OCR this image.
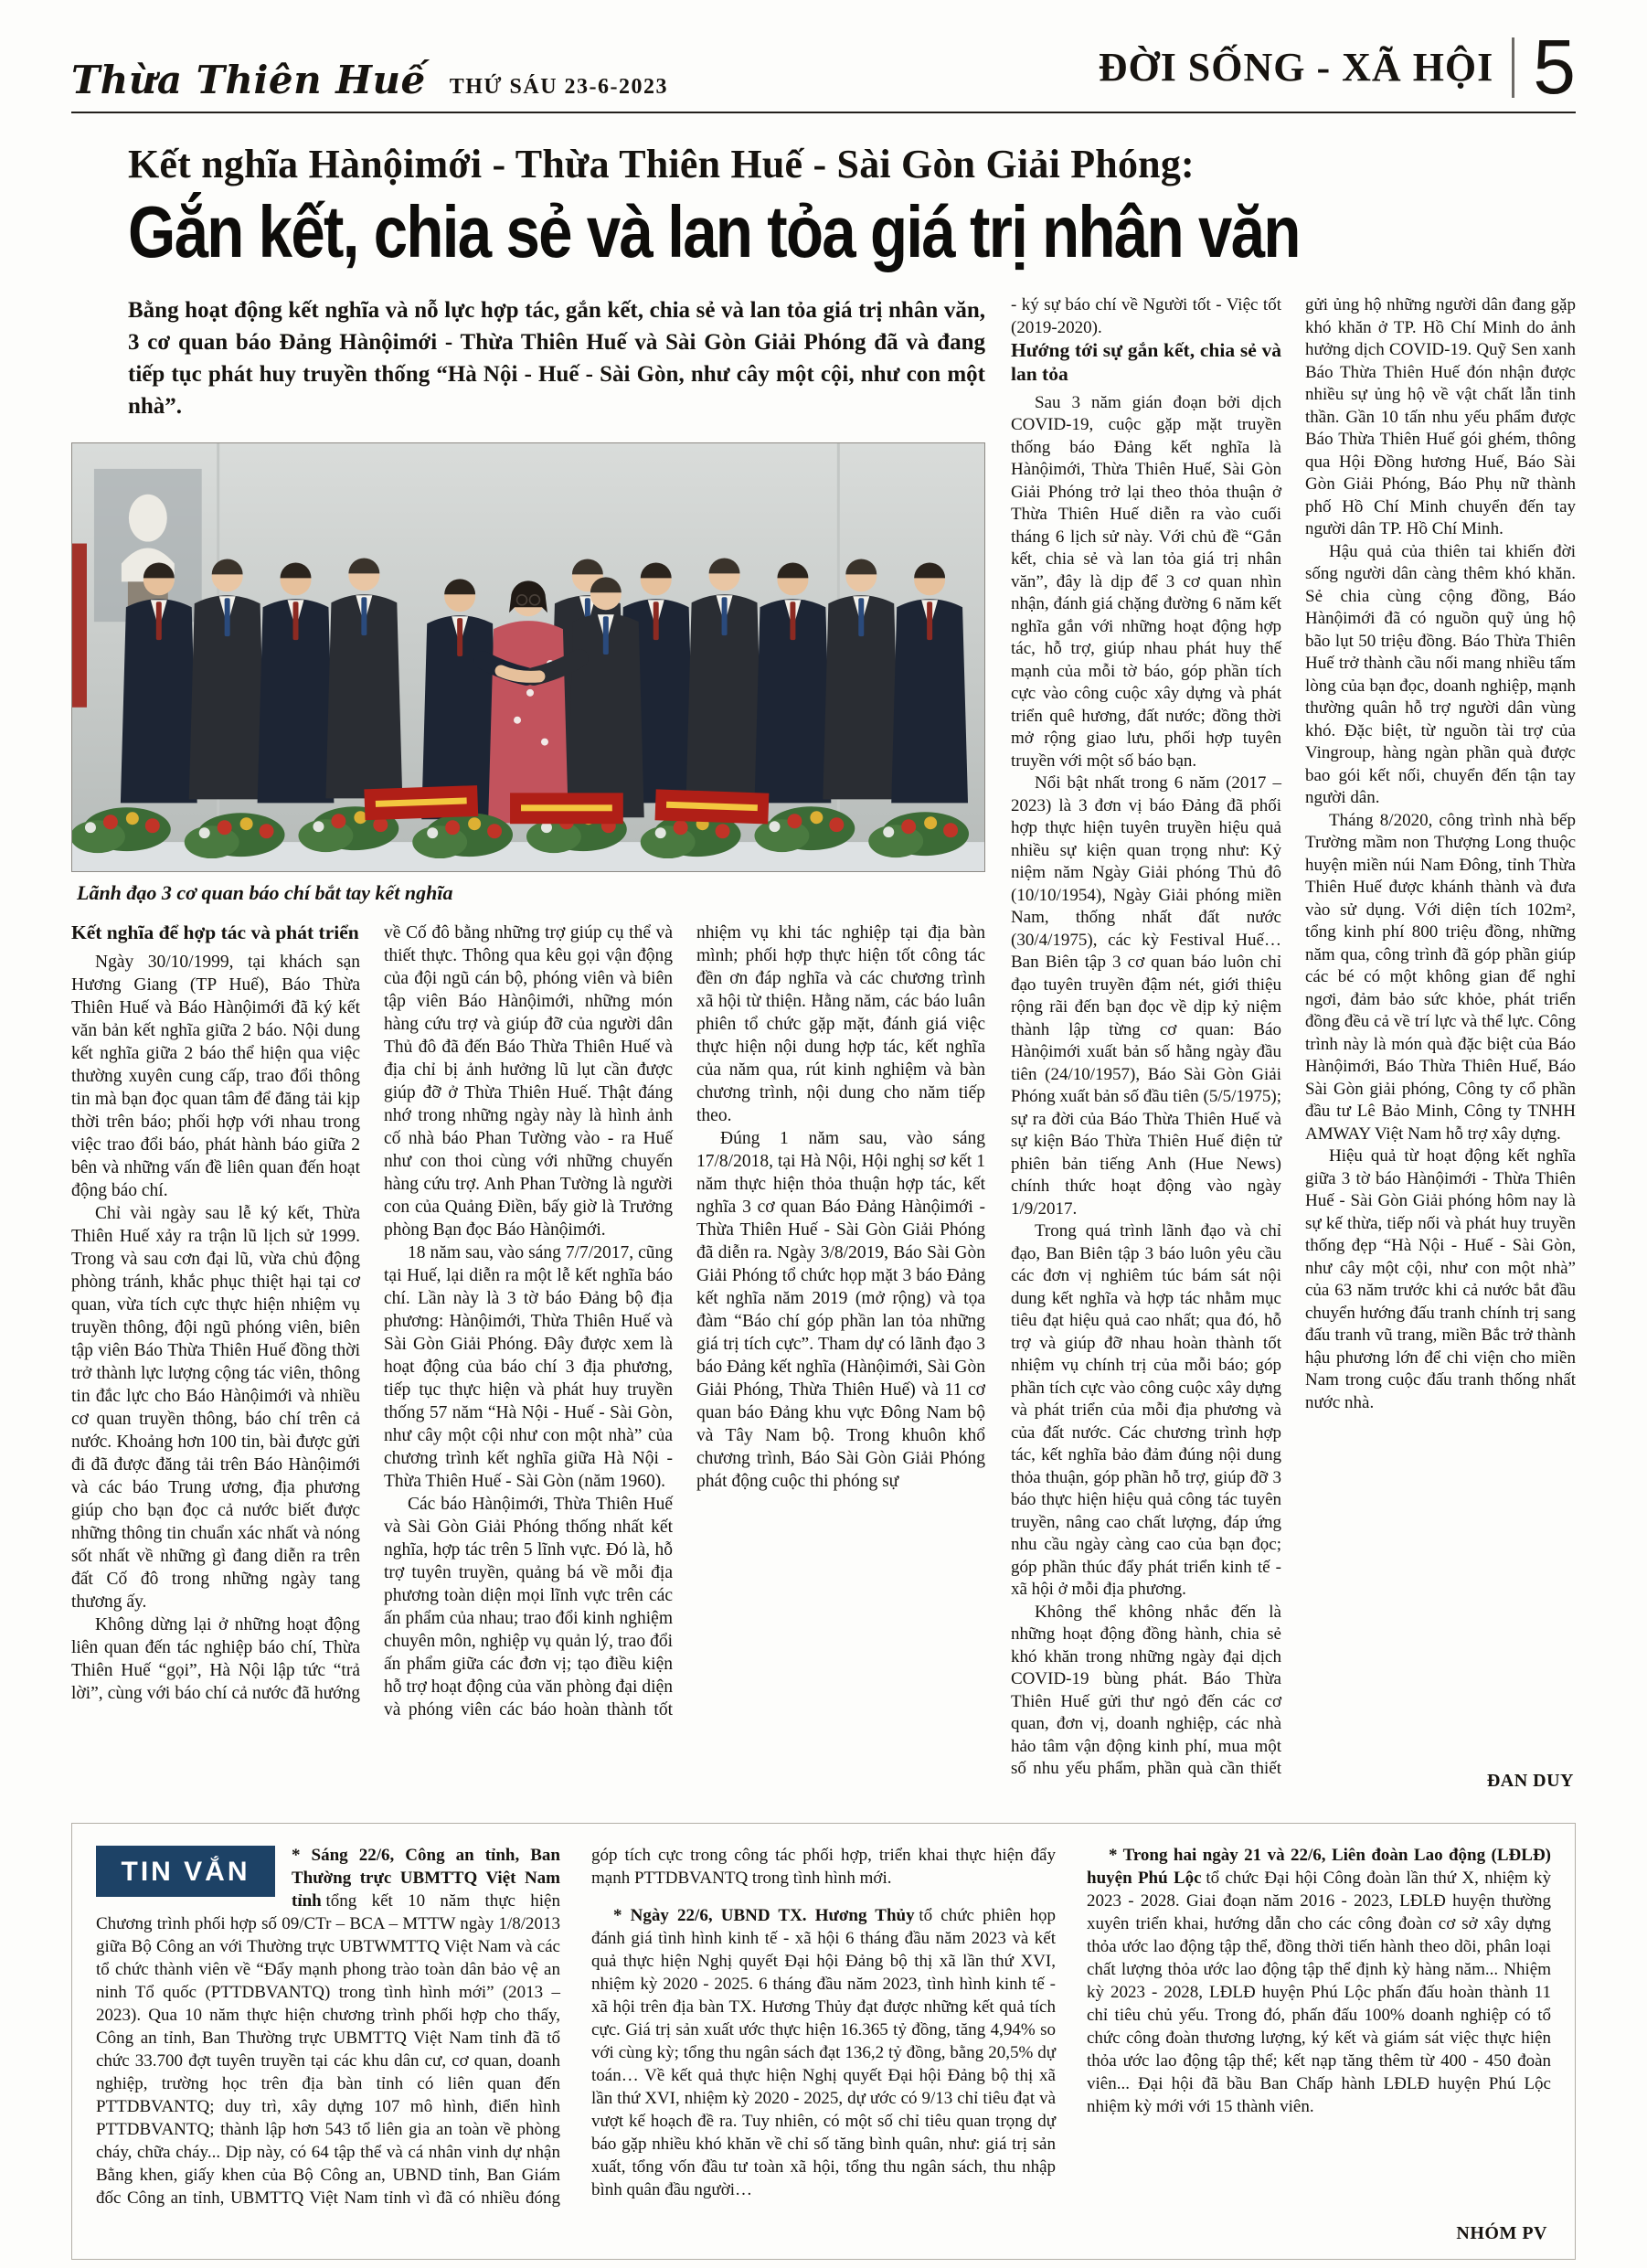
Thừa Thiên Huế THỨ SÁU 23-6-2023	ĐỜI SỐNG - XÃ HỘI 5
Kết nghĩa Hànộimới - Thừa Thiên Huế - Sài Gòn Giải Phóng:
Gắn kết, chia sẻ và lan tỏa giá trị nhân văn

Bằng hoạt động kết nghĩa và nỗ lực hợp tác, gắn kết, chia sẻ và lan tỏa giá trị nhân văn, 3 cơ quan báo Đảng Hànộimới - Thừa Thiên Huế và Sài Gòn Giải Phóng đã và đang tiếp tục phát huy truyền thống “Hà Nội - Huế - Sài Gòn, như cây một cội, như con một nhà”.

Lãnh đạo 3 cơ quan báo chí bắt tay kết nghĩa
Kết nghĩa để hợp tác và phát triển

Ngày 30/10/1999, tại khách sạn Hương Giang (TP Huế), Báo Thừa Thiên Huế và Báo Hànộimới đã ký kết văn bản kết nghĩa giữa 2 báo. Nội dung kết nghĩa giữa 2 báo thể hiện qua việc thường xuyên cung cấp, trao đổi thông tin mà bạn đọc quan tâm để đăng tải kịp thời trên báo; phối hợp với nhau trong việc trao đổi báo, phát hành báo giữa 2 bên và những vấn đề liên quan đến hoạt động báo chí.

Chỉ vài ngày sau lễ ký kết, Thừa Thiên Huế xảy ra trận lũ lịch sử 1999. Trong và sau cơn đại lũ, vừa chủ động phòng tránh, khắc phục thiệt hại tại cơ quan, vừa tích cực thực hiện nhiệm vụ truyền thông, đội ngũ phóng viên, biên tập viên Báo Thừa Thiên Huế đồng thời trở thành lực lượng cộng tác viên, thông tin đắc lực cho Báo Hànộimới và nhiều cơ quan truyền thông, báo chí trên cả nước. Khoảng hơn 100 tin, bài được gửi đi đã được đăng tải trên Báo Hànộimới và các báo Trung ương, địa phương giúp cho bạn đọc cả nước biết được những thông tin chuẩn xác nhất và nóng sốt nhất về những gì đang diễn ra trên đất Cố đô trong những ngày tang thương ấy.

Không dừng lại ở những hoạt động liên quan đến tác nghiệp báo chí, Thừa Thiên Huế “gọi”, Hà Nội lập tức “trả lời”, cùng với báo chí cả nước đã hướng về Cố đô bằng những trợ giúp cụ thể và thiết thực. Thông qua kêu gọi vận động của đội ngũ cán bộ, phóng viên và biên tập viên Báo Hànộimới, những món hàng cứu trợ và giúp đỡ của người dân Thủ đô đã đến Báo Thừa Thiên Huế và địa chỉ bị ảnh hưởng lũ lụt cần được giúp đỡ ở Thừa Thiên Huế. Thật đáng nhớ trong những ngày này là hình ảnh cố nhà báo Phan Tường vào - ra Huế như con thoi cùng với những chuyến hàng cứu trợ. Anh Phan Tường là người con của Quảng Điền, bấy giờ là Trưởng phòng Bạn đọc Báo Hànộimới.

18 năm sau, vào sáng 7/7/2017, cũng tại Huế, lại diễn ra một lễ kết nghĩa báo chí. Lần này là 3 tờ báo Đảng bộ địa phương: Hànộimới, Thừa Thiên Huế và Sài Gòn Giải Phóng. Đây được xem là hoạt động của báo chí 3 địa phương, tiếp tục thực hiện và phát huy truyền thống 57 năm “Hà Nội - Huế - Sài Gòn, như cây một cội như con một nhà” của chương trình kết nghĩa giữa Hà Nội - Thừa Thiên Huế - Sài Gòn (năm 1960).

Các báo Hànộimới, Thừa Thiên Huế và Sài Gòn Giải Phóng thống nhất kết nghĩa, hợp tác trên 5 lĩnh vực. Đó là, hỗ trợ tuyên truyền, quảng bá về mỗi địa phương toàn diện mọi lĩnh vực trên các ấn phẩm của nhau; trao đổi kinh nghiệm chuyên môn, nghiệp vụ quản lý, trao đổi ấn phẩm giữa các đơn vị; tạo điều kiện hỗ trợ hoạt động của văn phòng đại diện và phóng viên các báo hoàn thành tốt nhiệm vụ khi tác nghiệp tại địa bàn mình; phối hợp thực hiện tốt công tác đền ơn đáp nghĩa và các chương trình xã hội từ thiện. Hằng năm, các báo luân phiên tổ chức gặp mặt, đánh giá việc thực hiện nội dung hợp tác, kết nghĩa của năm qua, rút kinh nghiệm và bàn chương trình, nội dung cho năm tiếp theo.

Đúng 1 năm sau, vào sáng 17/8/2018, tại Hà Nội, Hội nghị sơ kết 1 năm thực hiện thỏa thuận hợp tác, kết nghĩa 3 cơ quan Báo Đảng Hànộimới - Thừa Thiên Huế - Sài Gòn Giải Phóng đã diễn ra. Ngày 3/8/2019, Báo Sài Gòn Giải Phóng tổ chức họp mặt 3 báo Đảng kết nghĩa năm 2019 (mở rộng) và tọa đàm “Báo chí góp phần lan tỏa những giá trị tích cực”. Tham dự có lãnh đạo 3 báo Đảng kết nghĩa (Hànộimới, Sài Gòn Giải Phóng, Thừa Thiên Huế) và 11 cơ quan báo Đảng khu vực Đông Nam bộ và Tây Nam bộ. Trong khuôn khổ chương trình, Báo Sài Gòn Giải Phóng phát động cuộc thi phóng sự

- ký sự báo chí về Người tốt - Việc tốt (2019-2020).

Hướng tới sự gắn kết, chia sẻ và lan tỏa

Sau 3 năm gián đoạn bởi dịch COVID-19, cuộc gặp mặt truyền thống báo Đảng kết nghĩa là Hànộimới, Thừa Thiên Huế, Sài Gòn Giải Phóng trở lại theo thỏa thuận ở Thừa Thiên Huế diễn ra vào cuối tháng 6 lịch sử này. Với chủ đề “Gắn kết, chia sẻ và lan tỏa giá trị nhân văn”, đây là dịp để 3 cơ quan nhìn nhận, đánh giá chặng đường 6 năm kết nghĩa gắn với những hoạt động hợp tác, hỗ trợ, giúp nhau phát huy thế mạnh của mỗi tờ báo, góp phần tích cực vào công cuộc xây dựng và phát triển quê hương, đất nước; đồng thời mở rộng giao lưu, phối hợp tuyên truyền với một số báo bạn.

Nổi bật nhất trong 6 năm (2017 – 2023) là 3 đơn vị báo Đảng đã phối hợp thực hiện tuyên truyền hiệu quả nhiều sự kiện quan trọng như: Kỷ niệm năm Ngày Giải phóng Thủ đô (10/10/1954), Ngày Giải phóng miền Nam, thống nhất đất nước (30/4/1975), các kỳ Festival Huế… Ban Biên tập 3 cơ quan báo luôn chỉ đạo tuyên truyền đậm nét, giới thiệu rộng rãi đến bạn đọc về dịp kỷ niệm thành lập từng cơ quan: Báo Hànộimới xuất bản số hằng ngày đầu tiên (24/10/1957), Báo Sài Gòn Giải Phóng xuất bản số đầu tiên (5/5/1975); sự ra đời của Báo Thừa Thiên Huế và sự kiện Báo Thừa Thiên Huế điện tử phiên bản tiếng Anh (Hue News) chính thức hoạt động vào ngày 1/9/2017.

Trong quá trình lãnh đạo và chỉ đạo, Ban Biên tập 3 báo luôn yêu cầu các đơn vị nghiêm túc bám sát nội dung kết nghĩa và hợp tác nhằm mục tiêu đạt hiệu quả cao nhất; qua đó, hỗ trợ và giúp đỡ nhau hoàn thành tốt nhiệm vụ chính trị của mỗi báo; góp phần tích cực vào công cuộc xây dựng và phát triển của mỗi địa phương và của đất nước. Các chương trình hợp tác, kết nghĩa bảo đảm đúng nội dung thỏa thuận, góp phần hỗ trợ, giúp đỡ 3 báo thực hiện hiệu quả công tác tuyên truyền, nâng cao chất lượng, đáp ứng nhu cầu ngày càng cao của bạn đọc; góp phần thúc đẩy phát triển kinh tế - xã hội ở mỗi địa phương.

Không thể không nhắc đến là những hoạt động đồng hành, chia sẻ khó khăn trong những ngày đại dịch COVID-19 bùng phát. Báo Thừa Thiên Huế gửi thư ngỏ đến các cơ quan, đơn vị, doanh nghiệp, các nhà hảo tâm vận động kinh phí, mua một số nhu yếu phẩm, phần quà cần thiết gửi ủng hộ những người dân đang gặp khó khăn ở TP. Hồ Chí Minh do ảnh hưởng dịch COVID-19. Quỹ Sen xanh Báo Thừa Thiên Huế đón nhận được nhiều sự ủng hộ về vật chất lẫn tinh thần. Gần 10 tấn nhu yếu phẩm được Báo Thừa Thiên Huế gói ghém, thông qua Hội Đồng hương Huế, Báo Sài Gòn Giải Phóng, Báo Phụ nữ thành phố Hồ Chí Minh chuyển đến tay người dân TP. Hồ Chí Minh.

Hậu quả của thiên tai khiến đời sống người dân càng thêm khó khăn. Sẻ chia cùng cộng đồng, Báo Hànộimới đã có nguồn quỹ ủng hộ bão lụt 50 triệu đồng. Báo Thừa Thiên Huế trở thành cầu nối mang nhiều tấm lòng của bạn đọc, doanh nghiệp, mạnh thường quân hỗ trợ người dân vùng khó. Đặc biệt, từ nguồn tài trợ của Vingroup, hàng ngàn phần quà được bao gói kết nối, chuyển đến tận tay người dân.

Tháng 8/2020, công trình nhà bếp Trường mầm non Thượng Long thuộc huyện miền núi Nam Đông, tỉnh Thừa Thiên Huế được khánh thành và đưa vào sử dụng. Với diện tích 102m², tổng kinh phí 800 triệu đồng, những năm qua, công trình đã góp phần giúp các bé có một không gian để nghỉ ngơi, đảm bảo sức khỏe, phát triển đồng đều cả về trí lực và thể lực. Công trình này là món quà đặc biệt của Báo Hànộimới, Báo Thừa Thiên Huế, Báo Sài Gòn giải phóng, Công ty cổ phần đầu tư Lê Bảo Minh, Công ty TNHH AMWAY Việt Nam hỗ trợ xây dựng.

Hiệu quả từ hoạt động kết nghĩa giữa 3 tờ báo Hànộimới - Thừa Thiên Huế - Sài Gòn Giải phóng hôm nay là sự kế thừa, tiếp nối và phát huy truyền thống đẹp “Hà Nội - Huế - Sài Gòn, như cây một cội, như con một nhà” của 63 năm trước khi cả nước bắt đầu chuyển hướng đấu tranh chính trị sang đấu tranh vũ trang, miền Bắc trở thành hậu phương lớn để chi viện cho miền Nam trong cuộc đấu tranh thống nhất nước nhà.

ĐAN DUY
TIN VẮN

* Sáng 22/6, Công an tỉnh, Ban Thường trực UBMTTQ Việt Nam tỉnh tổng kết 10 năm thực hiện Chương trình phối hợp số 09/CTr – BCA – MTTW ngày 1/8/2013 giữa Bộ Công an với Thường trực UBTWMTTQ Việt Nam và các tổ chức thành viên về “Đẩy mạnh phong trào toàn dân bảo vệ an ninh Tổ quốc (PTTDBVANTQ) trong tình hình mới” (2013 – 2023). Qua 10 năm thực hiện chương trình phối hợp cho thấy, Công an tỉnh, Ban Thường trực UBMTTQ Việt Nam tỉnh đã tổ chức 33.700 đợt tuyên truyền tại các khu dân cư, cơ quan, doanh nghiệp, trường học trên địa bàn tỉnh có liên quan đến PTTDBVANTQ; duy trì, xây dựng 107 mô hình, điển hình PTTDBVANTQ; thành lập hơn 543 tổ liên gia an toàn về phòng cháy, chữa cháy... Dịp này, có 64 tập thể và cá nhân vinh dự nhận Bằng khen, giấy khen của Bộ Công an, UBND tỉnh, Ban Giám đốc Công an tỉnh, UBMTTQ Việt Nam tỉnh vì đã có nhiều đóng góp tích cực trong công tác phối hợp, triển khai thực hiện đẩy mạnh PTTDBVANTQ trong tình hình mới.

* Ngày 22/6, UBND TX. Hương Thủy tổ chức phiên họp đánh giá tình hình kinh tế - xã hội 6 tháng đầu năm 2023 và kết quả thực hiện Nghị quyết Đại hội Đảng bộ thị xã lần thứ XVI, nhiệm kỳ 2020 - 2025. 6 tháng đầu năm 2023, tình hình kinh tế - xã hội trên địa bàn TX. Hương Thủy đạt được những kết quả tích cực. Giá trị sản xuất ước thực hiện 16.365 tỷ đồng, tăng 4,94% so với cùng kỳ; tổng thu ngân sách đạt 136,2 tỷ đồng, bằng 20,5% dự toán… Về kết quả thực hiện Nghị quyết Đại hội Đảng bộ thị xã lần thứ XVI, nhiệm kỳ 2020 - 2025, dự ước có 9/13 chỉ tiêu đạt và vượt kế hoạch đề ra. Tuy nhiên, có một số chỉ tiêu quan trọng dự báo gặp nhiều khó khăn về chỉ số tăng bình quân, như: giá trị sản xuất, tổng vốn đầu tư toàn xã hội, tổng thu ngân sách, thu nhập bình quân đầu người…

* Trong hai ngày 21 và 22/6, Liên đoàn Lao động (LĐLĐ) huyện Phú Lộc tổ chức Đại hội Công đoàn lần thứ X, nhiệm kỳ 2023 - 2028. Giai đoạn năm 2016 - 2023, LĐLĐ huyện thường xuyên triển khai, hướng dẫn cho các công đoàn cơ sở xây dựng thỏa ước lao động tập thể, đồng thời tiến hành theo dõi, phân loại chất lượng thỏa ước lao động tập thể định kỳ hàng năm... Nhiệm kỳ 2023 - 2028, LĐLĐ huyện Phú Lộc phấn đấu hoàn thành 11 chỉ tiêu chủ yếu. Trong đó, phấn đấu 100% doanh nghiệp có tổ chức công đoàn thương lượng, ký kết và giám sát việc thực hiện thỏa ước lao động tập thể; kết nạp tăng thêm từ 400 - 450 đoàn viên... Đại hội đã bầu Ban Chấp hành LĐLĐ huyện Phú Lộc nhiệm kỳ mới với 15 thành viên.

NHÓM PV
